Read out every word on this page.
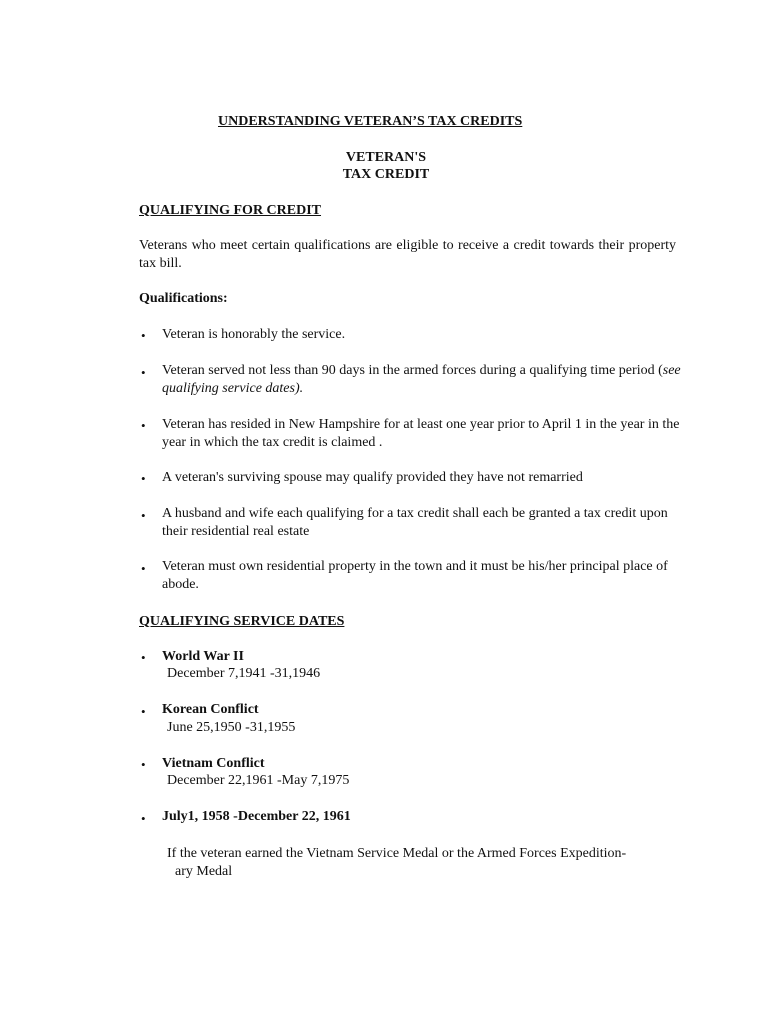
UNDERSTANDING VETERAN’S TAX CREDITS
VETERAN'S
TAX CREDIT
QUALIFYING FOR CREDIT
Veterans who meet certain qualifications are eligible to receive a credit towards their property tax bill.
Qualifications:
• Veteran is honorably the service.
• Veteran served not less than 90 days in the armed forces during a qualifying time period (see qualifying service dates).
• Veteran has resided in New Hampshire for at least one year prior to April 1 in the year in the year in which the tax credit is claimed .
• A veteran's surviving spouse may qualify provided they have not remarried
• A husband and wife each qualifying for a tax credit shall each be granted a tax credit upon their residential real estate
• Veteran must own residential property in the town and it must be his/her principal place of abode.
QUALIFYING SERVICE DATES
• World War II
December 7,1941 -31,1946
• Korean Conflict
June 25,1950 -31,1955
• Vietnam Conflict
December 22,1961 -May 7,1975
• July1, 1958 -December 22, 1961
If the veteran earned the Vietnam Service Medal or the Armed Forces Expedition-
ary Medal
